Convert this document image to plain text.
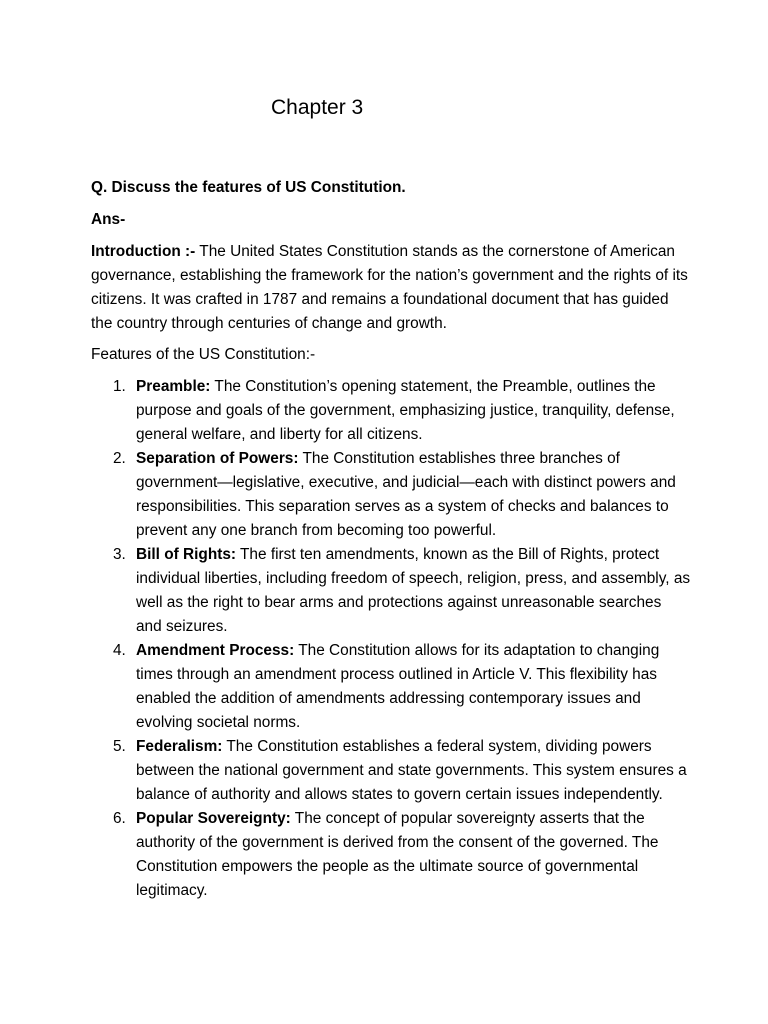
Chapter 3

Q. Discuss the features of US Constitution.

Ans-

Introduction :- The United States Constitution stands as the cornerstone of American governance, establishing the framework for the nation’s government and the rights of its citizens. It was crafted in 1787 and remains a foundational document that has guided the country through centuries of change and growth.

Features of the US Constitution:-

1. Preamble: The Constitution’s opening statement, the Preamble, outlines the purpose and goals of the government, emphasizing justice, tranquility, defense, general welfare, and liberty for all citizens.
2. Separation of Powers: The Constitution establishes three branches of government—legislative, executive, and judicial—each with distinct powers and responsibilities. This separation serves as a system of checks and balances to prevent any one branch from becoming too powerful.
3. Bill of Rights: The first ten amendments, known as the Bill of Rights, protect individual liberties, including freedom of speech, religion, press, and assembly, as well as the right to bear arms and protections against unreasonable searches and seizures.
4. Amendment Process: The Constitution allows for its adaptation to changing times through an amendment process outlined in Article V. This flexibility has enabled the addition of amendments addressing contemporary issues and evolving societal norms.
5. Federalism: The Constitution establishes a federal system, dividing powers between the national government and state governments. This system ensures a balance of authority and allows states to govern certain issues independently.
6. Popular Sovereignty: The concept of popular sovereignty asserts that the authority of the government is derived from the consent of the governed. The Constitution empowers the people as the ultimate source of governmental legitimacy.
